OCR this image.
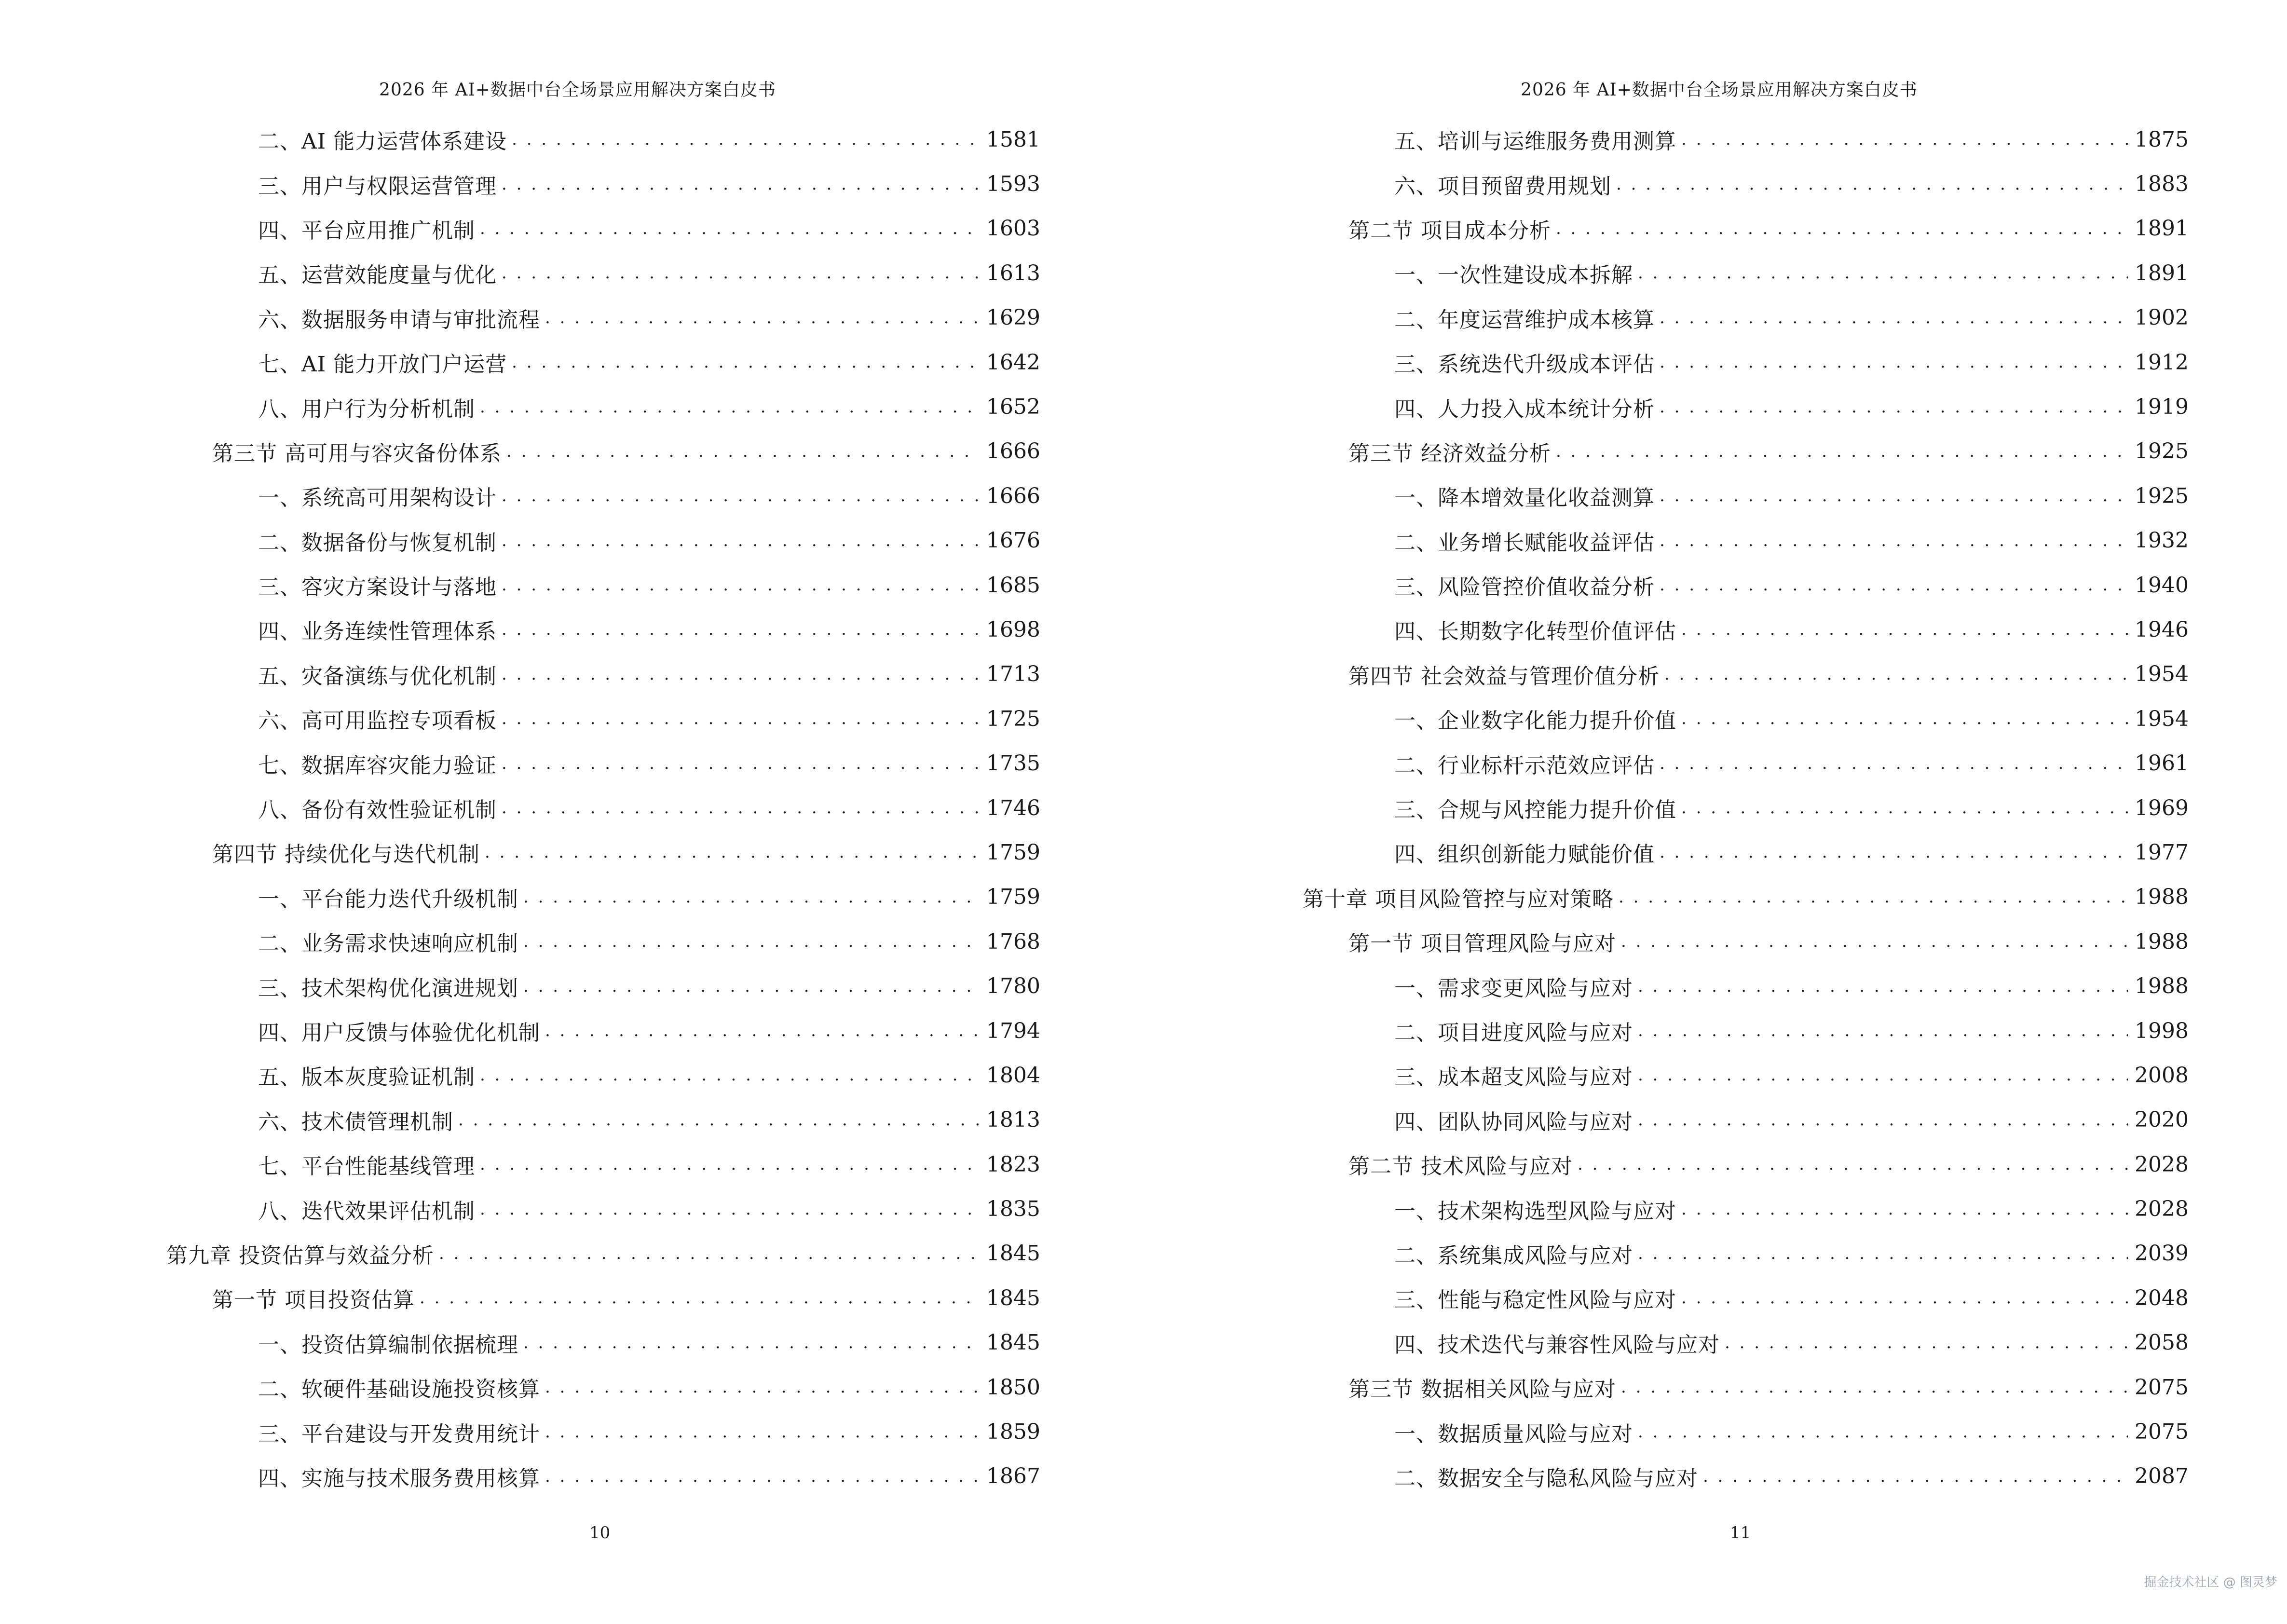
2026 年 AI+数据中台全场景应用解决方案白皮书
二、AI 能力运营体系建设 . . .	1581
三、用户与权限运营管理 . . .	1593
四、平台应用推广机制 . . .	1603
五、运营效能度量与优化 . . .	1613
六、数据服务申请与审批流程 . . .	1629
七、AI 能力开放门户运营 . . .	1642
八、用户行为分析机制 . . .	1652
第三节 高可用与容灾备份体系 . . .	1666
一、系统高可用架构设计 . . .	1666
二、数据备份与恢复机制 . . .	1676
三、容灾方案设计与落地 . . .	1685
四、业务连续性管理体系 . . .	1698
五、灾备演练与优化机制 . . .	1713
六、高可用监控专项看板 . . .	1725
七、数据库容灾能力验证 . . .	1735
八、备份有效性验证机制 . . .	1746
第四节 持续优化与迭代机制 . . .	1759
一、平台能力迭代升级机制 . . .	1759
二、业务需求快速响应机制 . . .	1768
三、技术架构优化演进规划 . . .	1780
四、用户反馈与体验优化机制 . . .	1794
五、版本灰度验证机制 . . .	1804
六、技术债管理机制 . . .	1813
七、平台性能基线管理 . . .	1823
八、迭代效果评估机制 . . .	1835
第九章 投资估算与效益分析 . . .	1845
第一节 项目投资估算 . . .	1845
一、投资估算编制依据梳理 . . .	1845
二、软硬件基础设施投资核算 . . .	1850
三、平台建设与开发费用统计 . . .	1859
四、实施与技术服务费用核算 . . .	1867
10
2026 年 AI+数据中台全场景应用解决方案白皮书
五、培训与运维服务费用测算 . . .	1875
六、项目预留费用规划 . . .	1883
第二节 项目成本分析 . . .	1891
一、一次性建设成本拆解 . . .	1891
二、年度运营维护成本核算 . . .	1902
三、系统迭代升级成本评估 . . .	1912
四、人力投入成本统计分析 . . .	1919
第三节 经济效益分析 . . .	1925
一、降本增效量化收益测算 . . .	1925
二、业务增长赋能收益评估 . . .	1932
三、风险管控价值收益分析 . . .	1940
四、长期数字化转型价值评估 . . .	1946
第四节 社会效益与管理价值分析 . . .	1954
一、企业数字化能力提升价值 . . .	1954
二、行业标杆示范效应评估 . . .	1961
三、合规与风控能力提升价值 . . .	1969
四、组织创新能力赋能价值 . . .	1977
第十章 项目风险管控与应对策略 . . .	1988
第一节 项目管理风险与应对 . . .	1988
一、需求变更风险与应对 . . .	1988
二、项目进度风险与应对 . . .	1998
三、成本超支风险与应对 . . .	2008
四、团队协同风险与应对 . . .	2020
第二节 技术风险与应对 . . .	2028
一、技术架构选型风险与应对 . . .	2028
二、系统集成风险与应对 . . .	2039
三、性能与稳定性风险与应对 . . .	2048
四、技术迭代与兼容性风险与应对 . . .	2058
第三节 数据相关风险与应对 . . .	2075
一、数据质量风险与应对 . . .	2075
二、数据安全与隐私风险与应对 . . .	2087
11
掘金技术社区 @ 图灵梦
